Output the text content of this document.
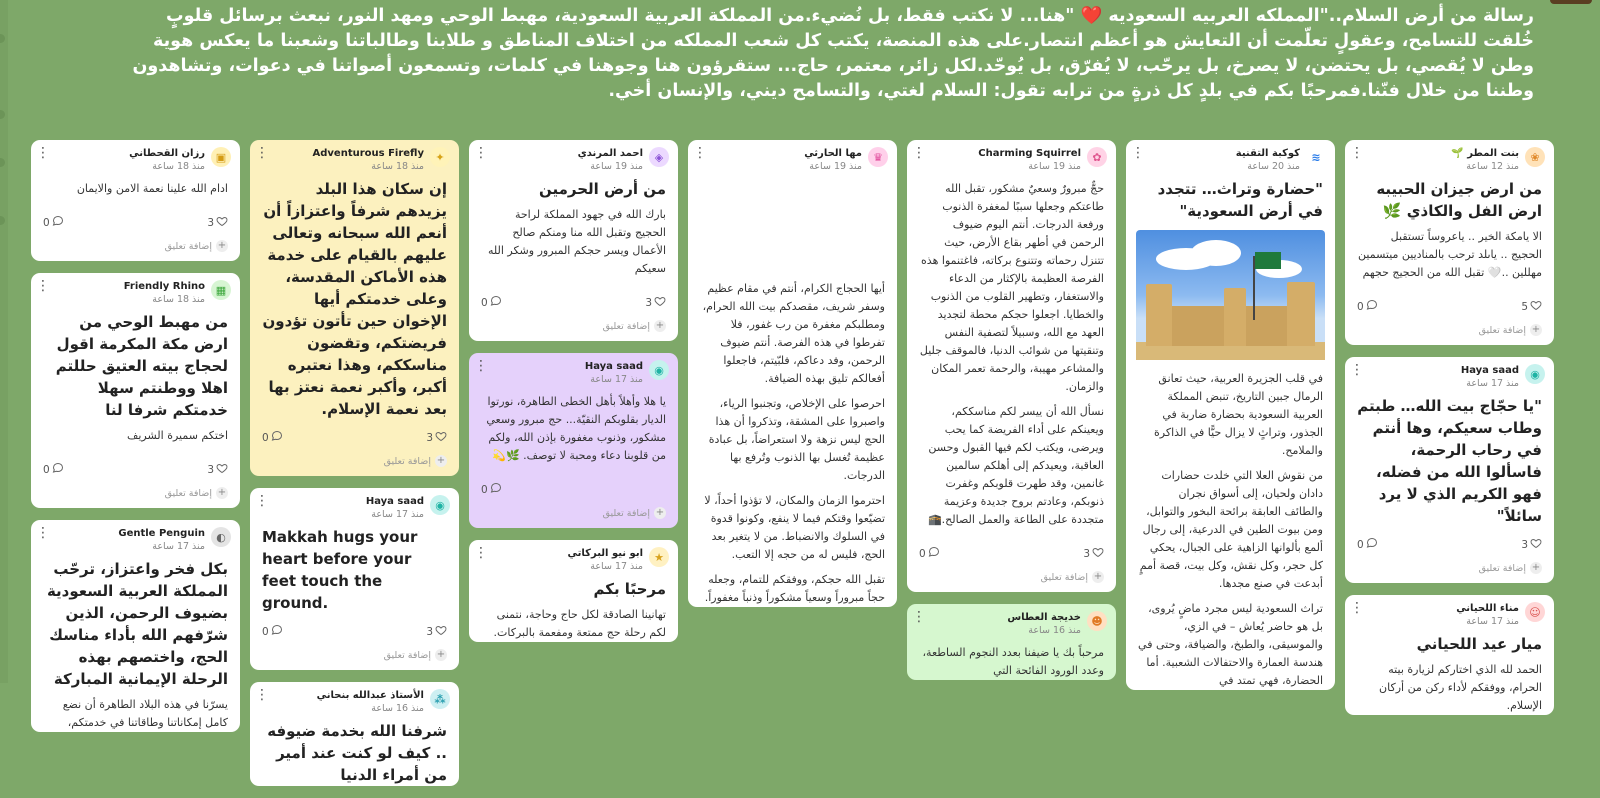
رسالة من أرض السلام.."المملكه العربيه السعوديه ❤️ "هنا... لا نكتب فقط، بل نُضيء.من المملكة العربية السعودية، مهبط الوحي ومهد النور، نبعث برسائل قلوبٍ خُلقت للتسامح، وعقولٍ تعلّمت أن التعايش هو أعظم انتصار.على هذه المنصة، يكتب كل شعب المملكه من اختلاف المناطق و طلابنا وطالباتنا وشعبنا ما يعكس هوية وطن لا يُقصي، بل يحتضن، لا يصرخ، بل يرحّب، لا يُفرّق، بل يُوحّد.لكل زائر، معتمر، حاج... ستقرؤون هنا وجوهنا في كلمات، وتسمعون أصواتنا في دعوات، وتشاهدون وطننا من خلال فنّنا.فمرحبًا بكم في بلدٍ كل ذرةٍ من ترابه تقول: السلام لغتي، والتسامح ديني، والإنسان أخي.
❀
بنت المطر 🌱
منذ 12 ساعة
⋮
من ارض جيزان الحبيبه ارض الفل والكاذي 🌿

الا يامكة الخير .. ياعروساً تستقبل الحجيج .. ياىلد ترحب بالمناديين ميتسمين مهللين ..🤍 تقبل الله من الحجيج حجهم

0	5
+
إضافة تعليق
◉
Haya saad
منذ 17 ساعة
⋮
"يا حجّاج بيت الله… طبتم وطاب سعيكم، وها أنتم في رحاب الرحمة، فاسألوا الله من فضله، فهو الكريم الذي لا يرد سائلاً"
0	3
+
إضافة تعليق
☺
مناء اللحياني
منذ 17 ساعة
⋮
ميار عيد اللحياني

الحمد لله الذي اختاركم لزيارة بيته الحرام، ووفقكم لأداء ركن من أركان الإسلام.

≋
كوكبة التقنية
منذ 20 ساعة
⋮
"حضارة وتراث… تتجدد في أرض السعودية"

في قلب الجزيرة العربية، حيث تعانق الرمال جبين التاريخ، تنبض المملكة العربية السعودية بحضارة ضاربة في الجذور، وتراثٍ لا يزال حيًّا في الذاكرة والملامح.

من نقوش العلا التي خلدت حضارات دادان ولحيان، إلى أسواق نجران والطائف العابقة برائحة البخور والتوابل، ومن بيوت الطين في الدرعية، إلى رجال ألمع بألوانها الزاهية على الجبال، يحكي كل حجر، وكل نقش، وكل بيت، قصة أممٍ أبدعت في صنع مجدها.

تراث السعودية ليس مجرد ماضٍ يُروى، بل هو حاضر يُعاش – في الزي، والموسيقى، والطبخ، والضيافة، وحتى في هندسة العمارة والاحتفالات الشعبية. أما الحضارة، فهي تمتد في

✿
Charming Squirrel
منذ 19 ساعة
⋮

حجٌّ مبرورٌ وسعيٌ مشكور، تقبل الله طاعتكم وجعلها سببًا لمغفرة الذنوب ورفعة الدرجات. أنتم اليوم ضيوف الرحمن في أطهر بقاع الأرض، حيث تتنزل رحماته وتتنوع بركاته، فاغتنموا هذه الفرصة العظيمة بالإكثار من الدعاء والاستغفار، وتطهير القلوب من الذنوب والخطايا. اجعلوا حجكم محطة لتجديد العهد مع الله، وسبيلاً لتصفية النفس وتنقيتها من شوائب الدنيا، فالموقف جليل والمشاعر مهيبة، والرحمة تعمر المكان والزمان.

نسأل الله أن ييسر لكم مناسككم، ويعينكم على أداء الفريضة كما يحب ويرضى، ويكتب لكم فيها القبول وحسن العاقبة، ويعيدكم إلى أهلكم سالمين غانمين، وقد طهرت قلوبكم وغفرت ذنوبكم، وعادتم بروح جديدة وعزيمة متجددة على الطاعة والعمل الصالح.🕋

0	3
+
إضافة تعليق
☻
خديجة العطاس
منذ 16 ساعة
⋮

مرحباً بك يا ضيفنا بعدد النجوم الساطعة، وعدد الورود الفائحة التي

♛
مها الحارثي
منذ 19 ساعة
⋮

أيها الحجاج الكرام، أنتم في مقام عظيم وسفر شريف، مقصدكم بيت الله الحرام، ومطلبكم مغفرة من رب غفور، فلا تفرطوا في هذه الفرصة. أنتم ضيوف الرحمن، وفد دعاكم، فلبّيتم، فاجعلوا أفعالكم تليق بهذه الضيافة.

احرصوا على الإخلاص، وتجنبوا الرياء، واصبروا على المشقة، وتذكروا أن هذا الحج ليس نزهة ولا استعراضاً، بل عبادة عظيمة تُغسل بها الذنوب وتُرفع بها الدرجات.

احترموا الزمان والمكان، لا تؤذوا أحداً، لا تضيّعوا وقتكم فيما لا ينفع، وكونوا قدوة في السلوك والانضباط. من لا يتغير بعد الحج، فليس له من حجه إلا التعب.

تقبل الله حجكم، ووفقكم للتمام، وجعله حجاً مبروراً وسعياً مشكوراً وذنباً مغفوراً.

◈
احمد المرندي
منذ 19 ساعة
⋮
من أرض الحرمين

بارك الله في جهود المملكة لراحة الحجيج وتقبل الله منا ومنكم صالح الأعمال ويسر حجكم المبرور وشكر الله سعيكم

0	3
+
إضافة تعليق
◉
Haya saad
منذ 17 ساعة
⋮

يا هلا وأهلاً بأهل الخطى الطاهرة، نورتوا الديار بقلوبكم النقيّة... حج مبرور وسعي مشكور، وذنوب مغفورة بإذن الله، ولكم من قلوبنا دعاء ومحبة لا توصف. 🌿💫

0
+
إضافة تعليق
★
ابو نيو البركاتي
منذ 17 ساعة
⋮
مرحبًا بكم

تهانينا الصادقة لكل حاج وحاجة، نتمنى لكم رحلة حج ممتعة ومفعمة بالبركات.

✦
Adventurous Firefly
منذ 18 ساعة
⋮
إن سكان هذا البلد يزيدهم شرفاً واعتزازاً أن أنعم الله سبحانه وتعالى عليهم بالقيام على خدمة هذه الأماكن المقدسة، وعلى خدمتكم أيها الإخوان حين تأتون تؤدون فريضتكم، وتقضون مناسككم، وهذا نعتبره أكبر، وأكبر نعمة نعتز بها بعد نعمة الإسلام.
0	3
+
إضافة تعليق
◉
Haya saad
منذ 17 ساعة
⋮
Makkah hugs your heart before your feet touch the ground.
0	3
+
إضافة تعليق
⁂
الأستاذ عبدالله بنحاني
منذ 16 ساعة
⋮
شرفنا الله بخدمة ضيوفه .. كيف لو كنت عند أمير من أمراء الدنيا
▣
رزان القحطاني
منذ 18 ساعة
⋮

ادام الله علينا نعمة الامن والايمان

0	3
+
إضافة تعليق
▦
Friendly Rhino
منذ 18 ساعة
⋮
من مهبط الوحي من ارض مكة المكرمة اقول لحجاج بيته العتيق حللتم اهلا ووطنتم سهلا خدمتكم شرفا لنا

اختكم سميرة الشريف

0	3
+
إضافة تعليق
◐
Gentle Penguin
منذ 17 ساعة
⋮
بكل فخر واعتزاز، ترحّب المملكة العربية السعودية بضيوف الرحمن، الذين شرّفهم الله بأداء مناسك الحج، واختصهم بهذه الرحلة الإيمانية المباركة

يسرّنا في هذه البلاد الطاهرة أن نضع كامل إمكاناتنا وطاقاتنا في خدمتكم،
